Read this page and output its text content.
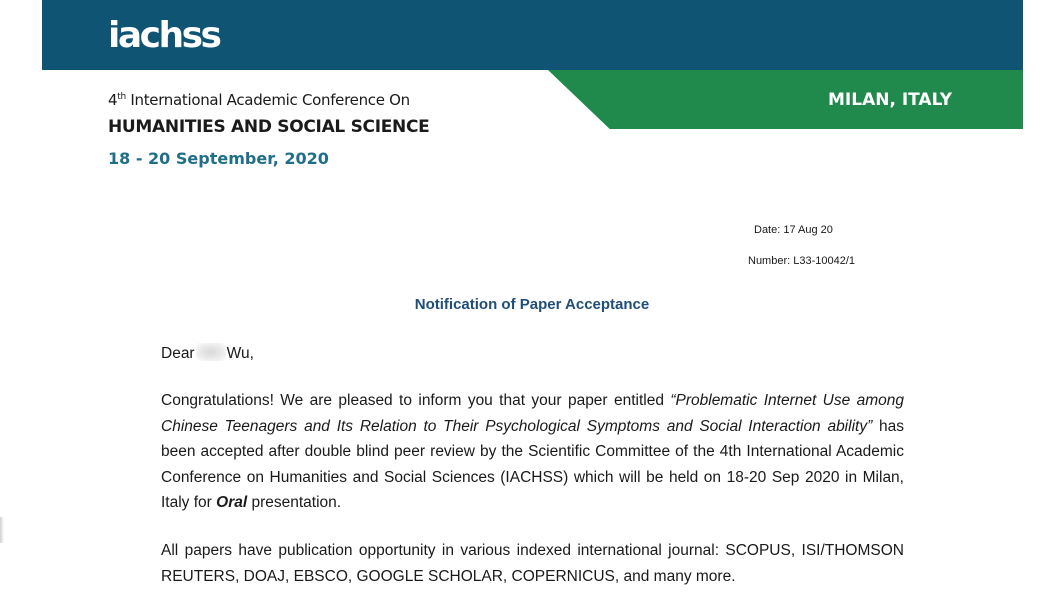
iachss
MILAN, ITALY
4th International Academic Conference On
HUMANITIES AND SOCIAL SCIENCE
18 - 20 September, 2020
Date: 17 Aug 20
Number: L33-10042/1
Notification of Paper Acceptance
Dear Wu,
Congratulations! We are pleased to inform you that your paper entitled “Problematic Internet Use among Chinese Teenagers and Its Relation to Their Psychological Symptoms and Social Interaction ability” has been accepted after double blind peer review by the Scientific Committee of the 4th International Academic Conference on Humanities and Social Sciences (IACHSS) which will be held on 18-20 Sep 2020 in Milan, Italy for Oral presentation.
All papers have publication opportunity in various indexed international journal: SCOPUS, ISI/THOMSON REUTERS, DOAJ, EBSCO, GOOGLE SCHOLAR, COPERNICUS, and many more.
